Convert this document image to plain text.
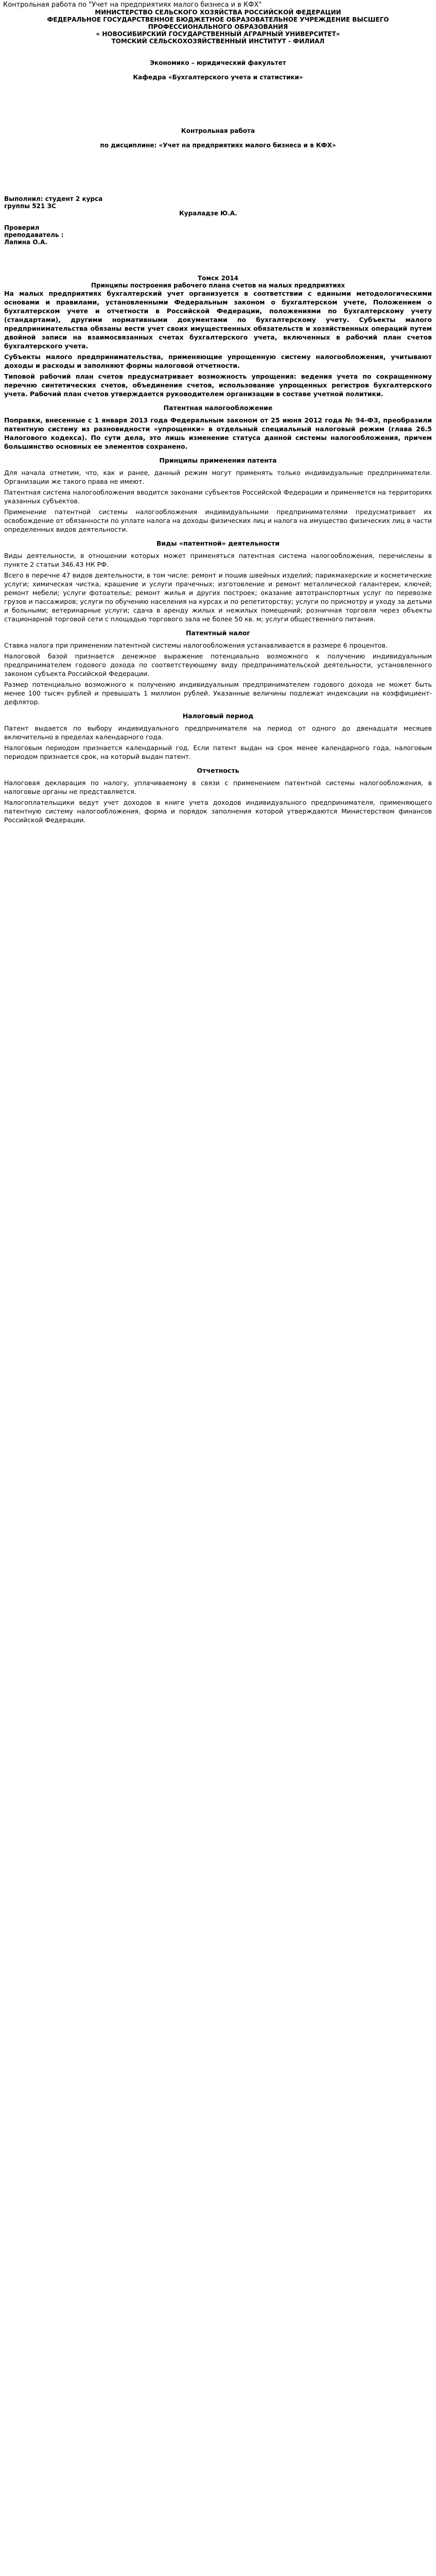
Контрольная работа по "Учет на предприятиях малого бизнеса и в КФХ"
МИНИСТЕРСТВО СЕЛЬСКОГО ХОЗЯЙСТВА РОССИЙСКОЙ ФЕДЕРАЦИИ
ФЕДЕРАЛЬНОЕ ГОСУДАРСТВЕННОЕ БЮДЖЕТНОЕ ОБРАЗОВАТЕЛЬНОЕ УЧРЕЖДЕНИЕ ВЫСШЕГО ПРОФЕССИОНАЛЬНОГО ОБРАЗОВАНИЯ
« НОВОСИБИРСКИЙ ГОСУДАРСТВЕННЫЙ АГРАРНЫЙ УНИВЕРСИТЕТ»
ТОМСКИЙ СЕЛЬСКОХОЗЯЙСТВЕННЫЙ ИНСТИТУТ - ФИЛИАЛ
Экономико – юридический факультет
Кафедра «Бухгалтерского учета и статистики»
Контрольная работа
по дисциплине: «Учет на предприятиях малого бизнеса и в КФХ»
Выполнил: студент 2 курса
группы 521 ЗС
Кураладзе Ю.А.
Проверил
преподаватель :
Лапина О.А.
Томск 2014
Принципы построения рабочего плана счетов на малых предприятиях

На малых предприятиях бухгалтерский учет организуется в соответствии с едиными методологическими основами и правилами, установленными Федеральным законом о бухгалтерском учете, Положением о бухгалтерском учете и отчетности в Российской Федерации, положениями по бухгалтерскому учету (стандартами), другими нормативными документами по бухгалтерскому учету. Субъекты малого предпринимательства обязаны вести учет своих имущественных обязательств и хозяйственных операций путем двойной записи на взаимосвязанных счетах бухгалтерского учета, включенных в рабочий план счетов бухгалтерского учета.

Субъекты малого предпринимательства, применяющие упрощенную систему налогообложения, учитывают доходы и расходы и заполняют формы налоговой отчетности.

Типовой рабочий план счетов предусматривает возможность упрощения: ведения учета по сокращенному перечню синтетических счетов, объединение счетов, использование упрощенных регистров бухгалтерского учета. Рабочий план счетов утверждается руководителем организации в составе учетной политики.

Патентная налогообложение

Поправки, внесенные с 1 января 2013 года Федеральным законом от 25 июня 2012 года № 94-ФЗ, преобразили патентную систему из разновидности «упрощенки» в отдельный специальный налоговый режим (глава 26.5 Налогового кодекса). По сути дела, это лишь изменение статуса данной системы налогообложения, причем большинство основных ее элементов сохранено.

Принципы применения патента

Для начала отметим, что, как и ранее, данный режим могут применять только индивидуальные предприниматели. Организации же такого права не имеют.

Патентная система налогообложения вводится законами субъектов Российской Федерации и применяется на территориях указанных субъектов.

Применение патентной системы налогообложения индивидуальными предпринимателями предусматривает их освобождение от обязанности по уплате налога на доходы физических лиц и налога на имущество физических лиц в части определенных видов деятельности.

Виды «патентной» деятельности

Виды деятельности, в отношении которых может применяться патентная система налогообложения, перечислены в пункте 2 статьи 346.43 НК РФ.

Всего в перечне 47 видов деятельности, в том числе: ремонт и пошив швейных изделий; парикмахерские и косметические услуги; химическая чистка, крашение и услуги прачечных; изготовление и ремонт металлической галантереи, ключей; ремонт мебели; услуги фотоателье; ремонт жилья и других построек; оказание автотранспортных услуг по перевозке грузов и пассажиров; услуги по обучению населения на курсах и по репетиторству; услуги по присмотру и уходу за детьми и больными; ветеринарные услуги; сдача в аренду жилых и нежилых помещений; розничная торговля через объекты стационарной торговой сети с площадью торгового зала не более 50 кв. м; услуги общественного питания.

Патентный налог

Ставка налога при применении патентной системы налогообложения устанавливается в размере 6 процентов.

Налоговой базой признается денежное выражение потенциально возможного к получению индивидуальным предпринимателем годового дохода по соответствующему виду предпринимательской деятельности, установленного законом субъекта Российской Федерации.

Размер потенциально возможного к получению индивидуальным предпринимателем годового дохода не может быть менее 100 тысяч рублей и превышать 1 миллион рублей. Указанные величины подлежат индексации на коэффициент-дефлятор.

Налоговый период

Патент выдается по выбору индивидуального предпринимателя на период от одного до двенадцати месяцев включительно в пределах календарного года.

Налоговым периодом признается календарный год. Если патент выдан на срок менее календарного года, налоговым периодом признается срок, на который выдан патент.

Отчетность

Налоговая декларация по налогу, уплачиваемому в связи с применением патентной системы налогообложения, в налоговые органы не представляется.

Налогоплательщики ведут учет доходов в книге учета доходов индивидуального предпринимателя, применяющего патентную систему налогообложения, форма и порядок заполнения которой утверждаются Министерством финансов Российской Федерации.
